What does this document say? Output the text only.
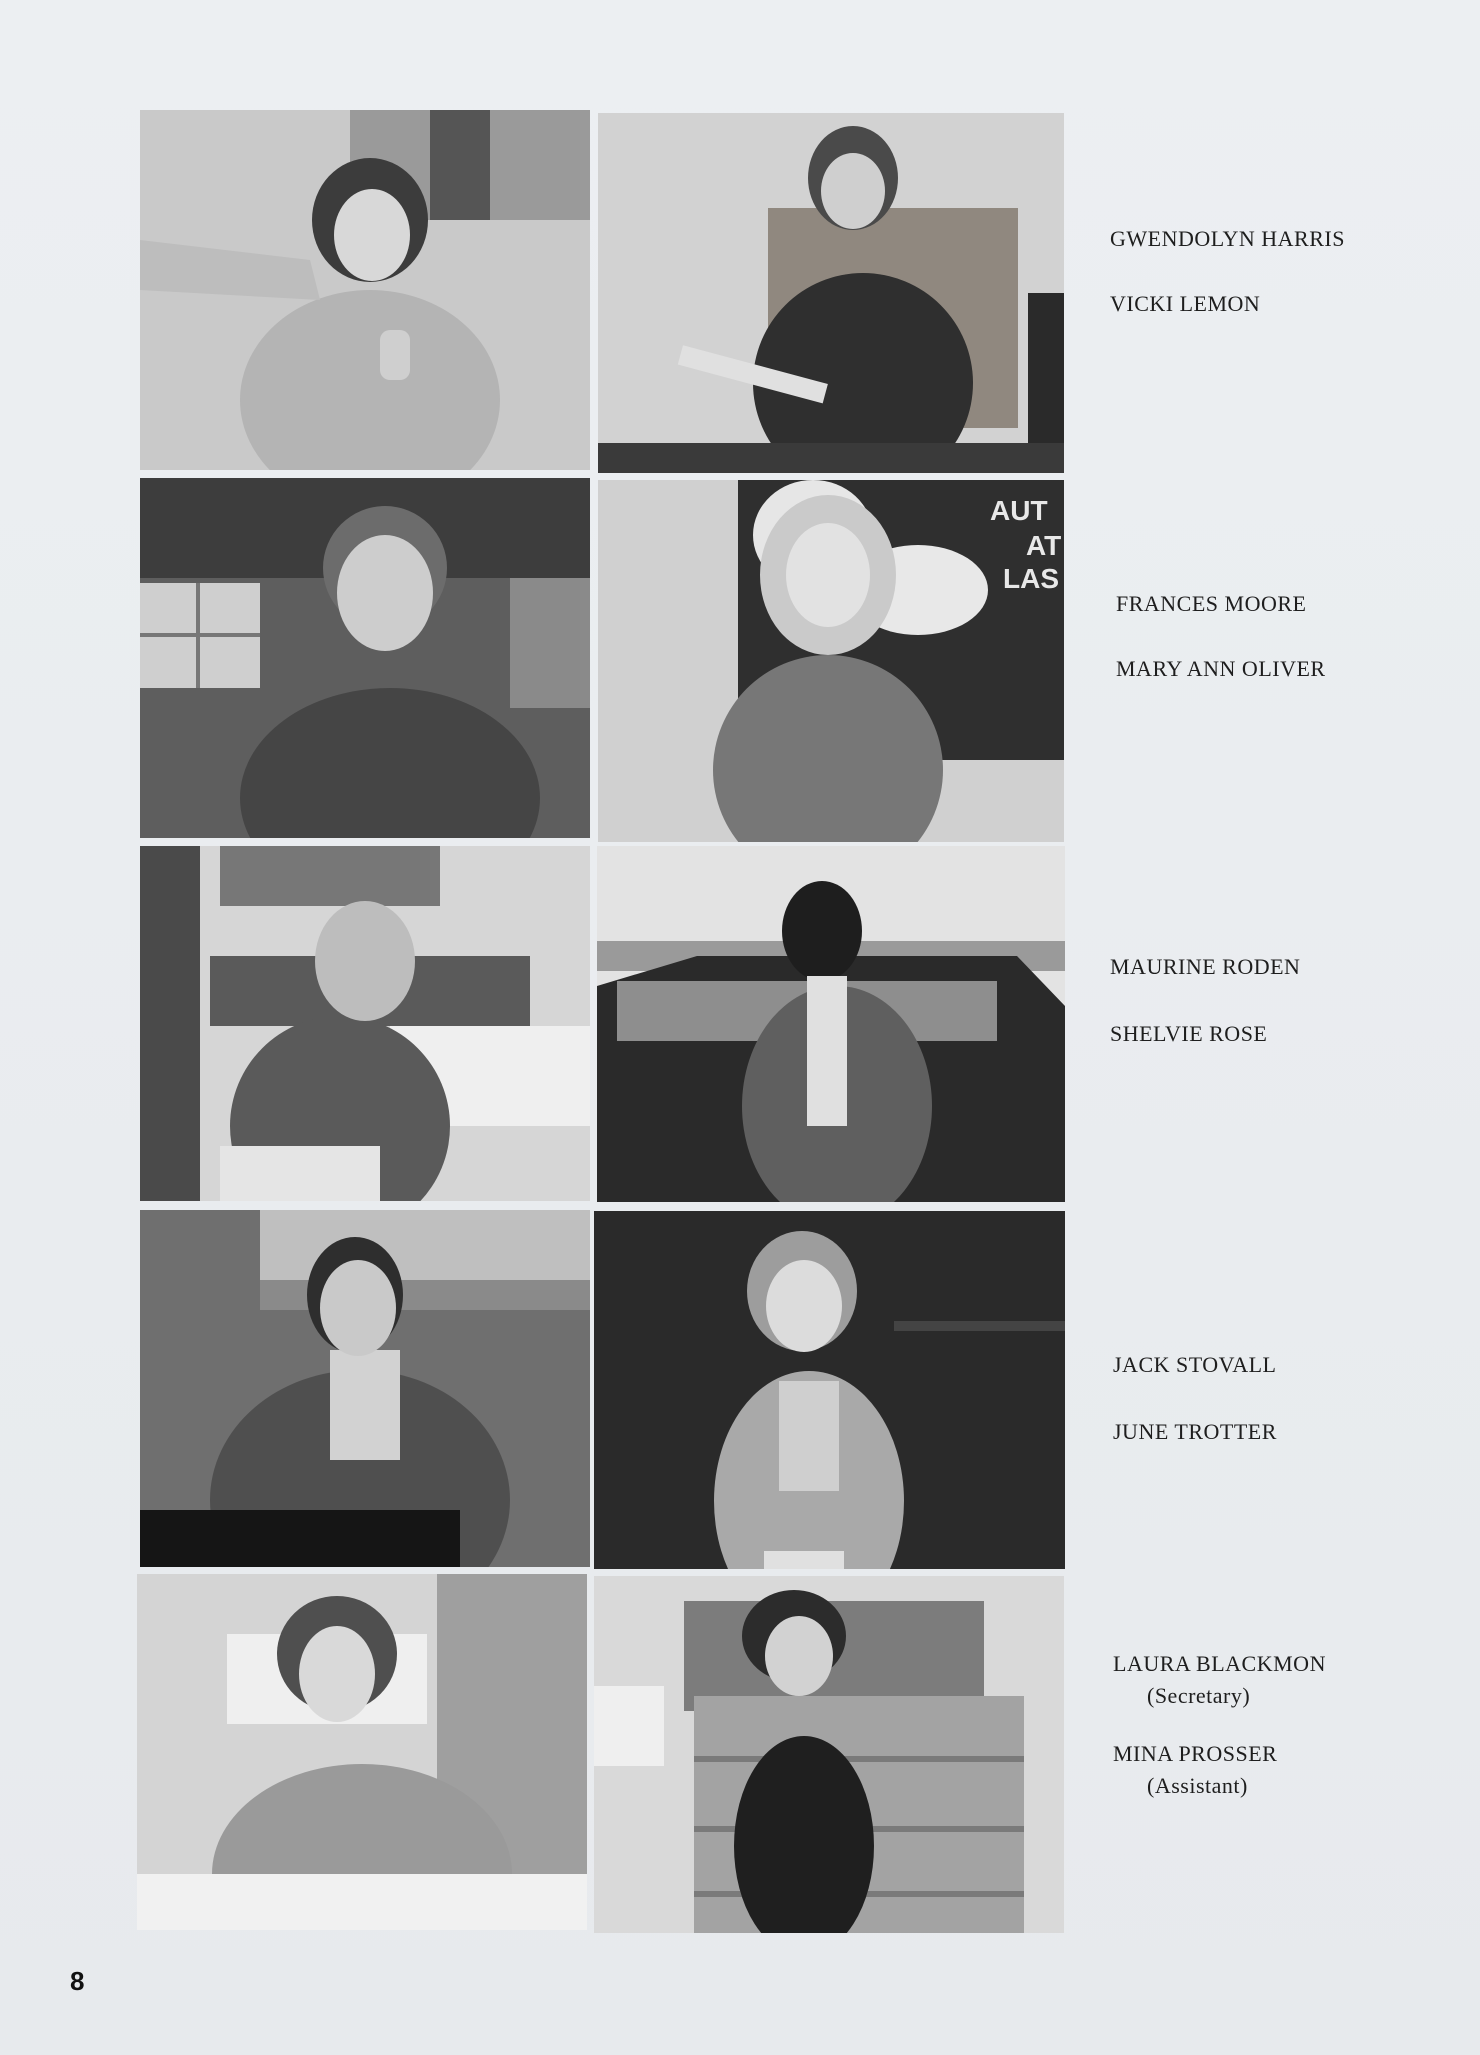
GWENDOLYN HARRIS
VICKI LEMON
AUT
AT
LAS
FRANCES MOORE
MARY ANN OLIVER
MAURINE RODEN
SHELVIE ROSE
JACK STOVALL
JUNE TROTTER
LAURA BLACKMON
(Secretary)
MINA PROSSER
(Assistant)
8
